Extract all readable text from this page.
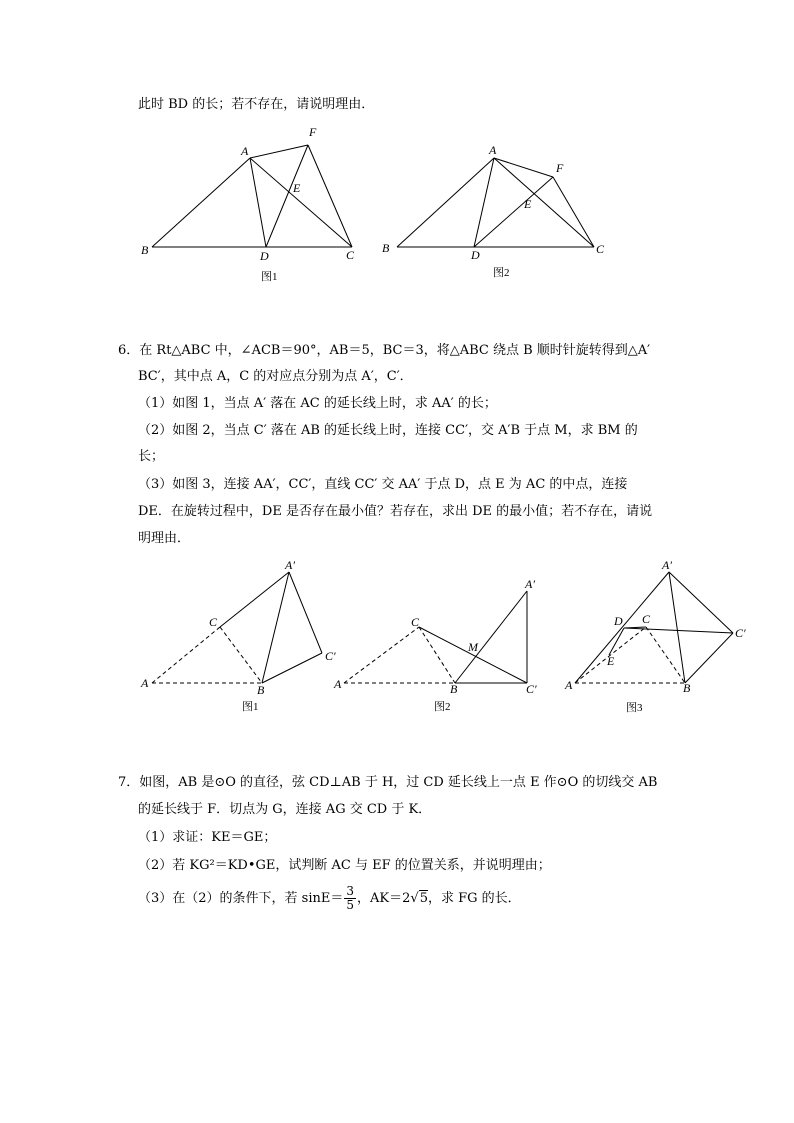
此时 BD 的长；若不存在，请说明理由．
A
F
E
B	D	C
图1
A
F
E
B	D	C
图2
6．在 Rt△ABC 中，∠ACB＝90°，AB＝5，BC＝3，将△ABC 绕点 B 顺时针旋转得到△A′
BC′，其中点 A，C 的对应点分别为点 A′，C′．
（1）如图 1，当点 A′ 落在 AC 的延长线上时，求 AA′ 的长；
（2）如图 2，当点 C′ 落在 AB 的延长线上时，连接 CC′，交 A′B 于点 M，求 BM 的
长；
（3）如图 3，连接 AA′，CC′，直线 CC′ 交 AA′ 于点 D，点 E 为 AC 的中点，连接
DE．在旋转过程中，DE 是否存在最小值？若存在，求出 DE 的最小值；若不存在，请说
明理由．
A′
C
C′
A	B
图1
A′
C
M
A	B	C′
图2
A′
D C
C′
E
A	B
图3
7．如图，AB 是⊙O 的直径，弦 CD⊥AB 于 H，过 CD 延长线上一点 E 作⊙O 的切线交 AB
的延长线于 F．切点为 G，连接 AG 交 CD 于 K．
（1）求证：KE＝GE；
（2）若 KG²＝KD•GE，试判断 AC 与 EF 的位置关系，并说明理由；
（3）在（2）的条件下，若 $\sin E= \frac{3}{5}$ ，AK＝2√5，求 FG 的长．
